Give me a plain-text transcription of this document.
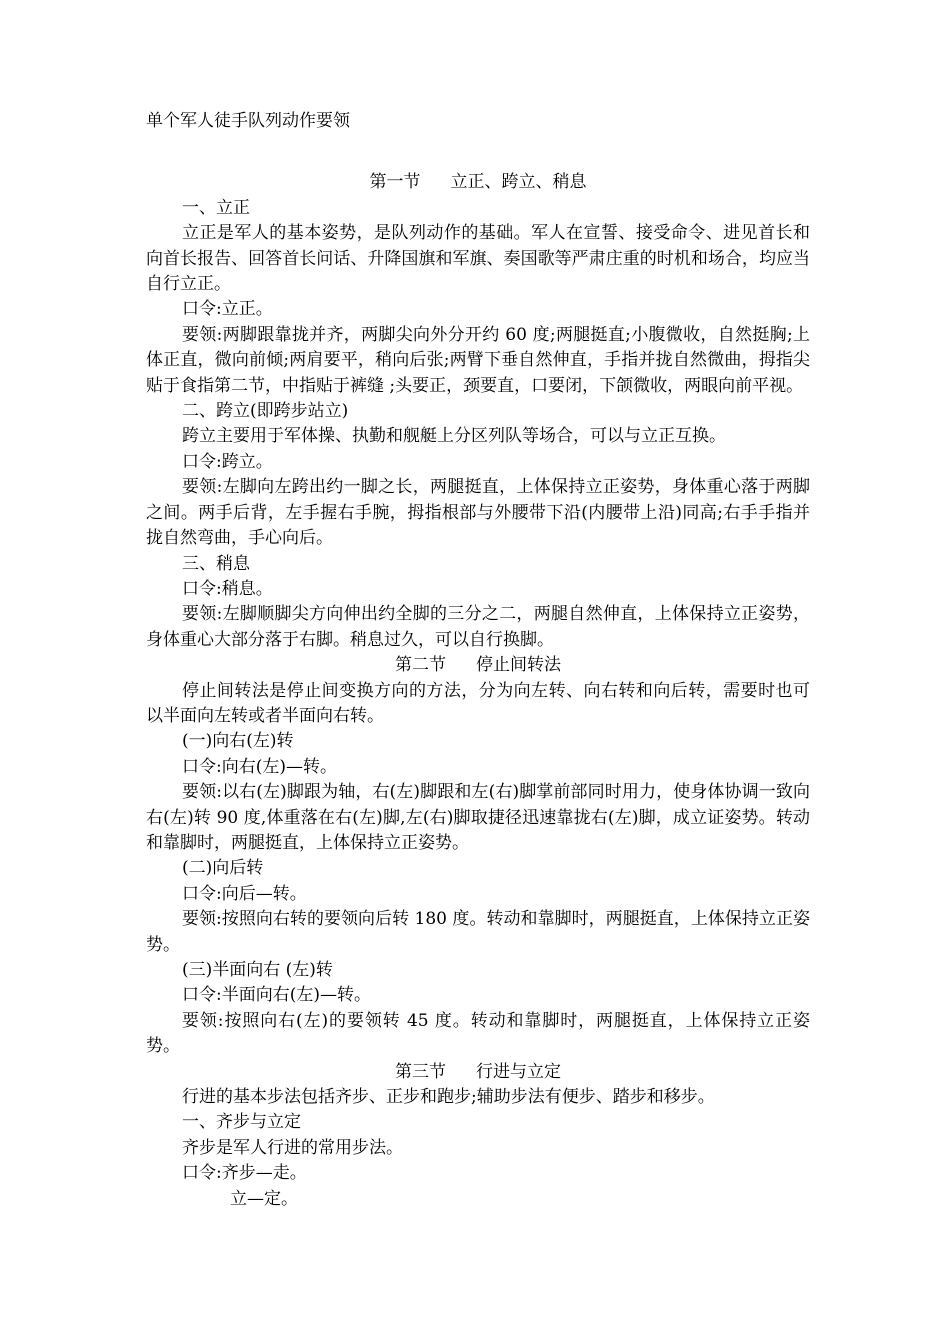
单个军人徒手队列动作要领

第一节 立正、跨立、稍息

一、立正

立正是军人的基本姿势，是队列动作的基础。军人在宣誓、接受命令、进见首长和向首长报告、回答首长问话、升降国旗和军旗、奏国歌等严肃庄重的时机和场合，均应当自行立正。

口令:立正。

要领:两脚跟靠拢并齐，两脚尖向外分开约 60 度;两腿挺直;小腹微收，自然挺胸;上体正直，微向前倾;两肩要平，稍向后张;两臂下垂自然伸直，手指并拢自然微曲，拇指尖贴于食指第二节，中指贴于裤缝 ;头要正，颈要直，口要闭，下颌微收，两眼向前平视。

二、跨立(即跨步站立)

跨立主要用于军体操、执勤和舰艇上分区列队等场合，可以与立正互换。

口令:跨立。

要领:左脚向左跨出约一脚之长，两腿挺直，上体保持立正姿势，身体重心落于两脚之间。两手后背，左手握右手腕，拇指根部与外腰带下沿(内腰带上沿)同高;右手手指并拢自然弯曲，手心向后。

三、稍息

口令:稍息。

要领:左脚顺脚尖方向伸出约全脚的三分之二，两腿自然伸直，上体保持立正姿势，身体重心大部分落于右脚。稍息过久，可以自行换脚。

第二节 停止间转法

停止间转法是停止间变换方向的方法，分为向左转、向右转和向后转，需要时也可以半面向左转或者半面向右转。

(一)向右(左)转

口令:向右(左)—转。

要领:以右(左)脚跟为轴，右(左)脚跟和左(右)脚掌前部同时用力，使身体协调一致向右(左)转 90 度,体重落在右(左)脚,左(右)脚取捷径迅速靠拢右(左)脚，成立证姿势。转动和靠脚时，两腿挺直，上体保持立正姿势。

(二)向后转

口令:向后—转。

要领:按照向右转的要领向后转 180 度。转动和靠脚时，两腿挺直，上体保持立正姿势。

(三)半面向右 (左)转

口令:半面向右(左)—转。

要领:按照向右(左)的要领转 45 度。转动和靠脚时，两腿挺直，上体保持立正姿势。

第三节 行进与立定

行进的基本步法包括齐步、正步和跑步;辅助步法有便步、踏步和移步。

一、齐步与立定

齐步是军人行进的常用步法。

口令:齐步—走。

立—定。
